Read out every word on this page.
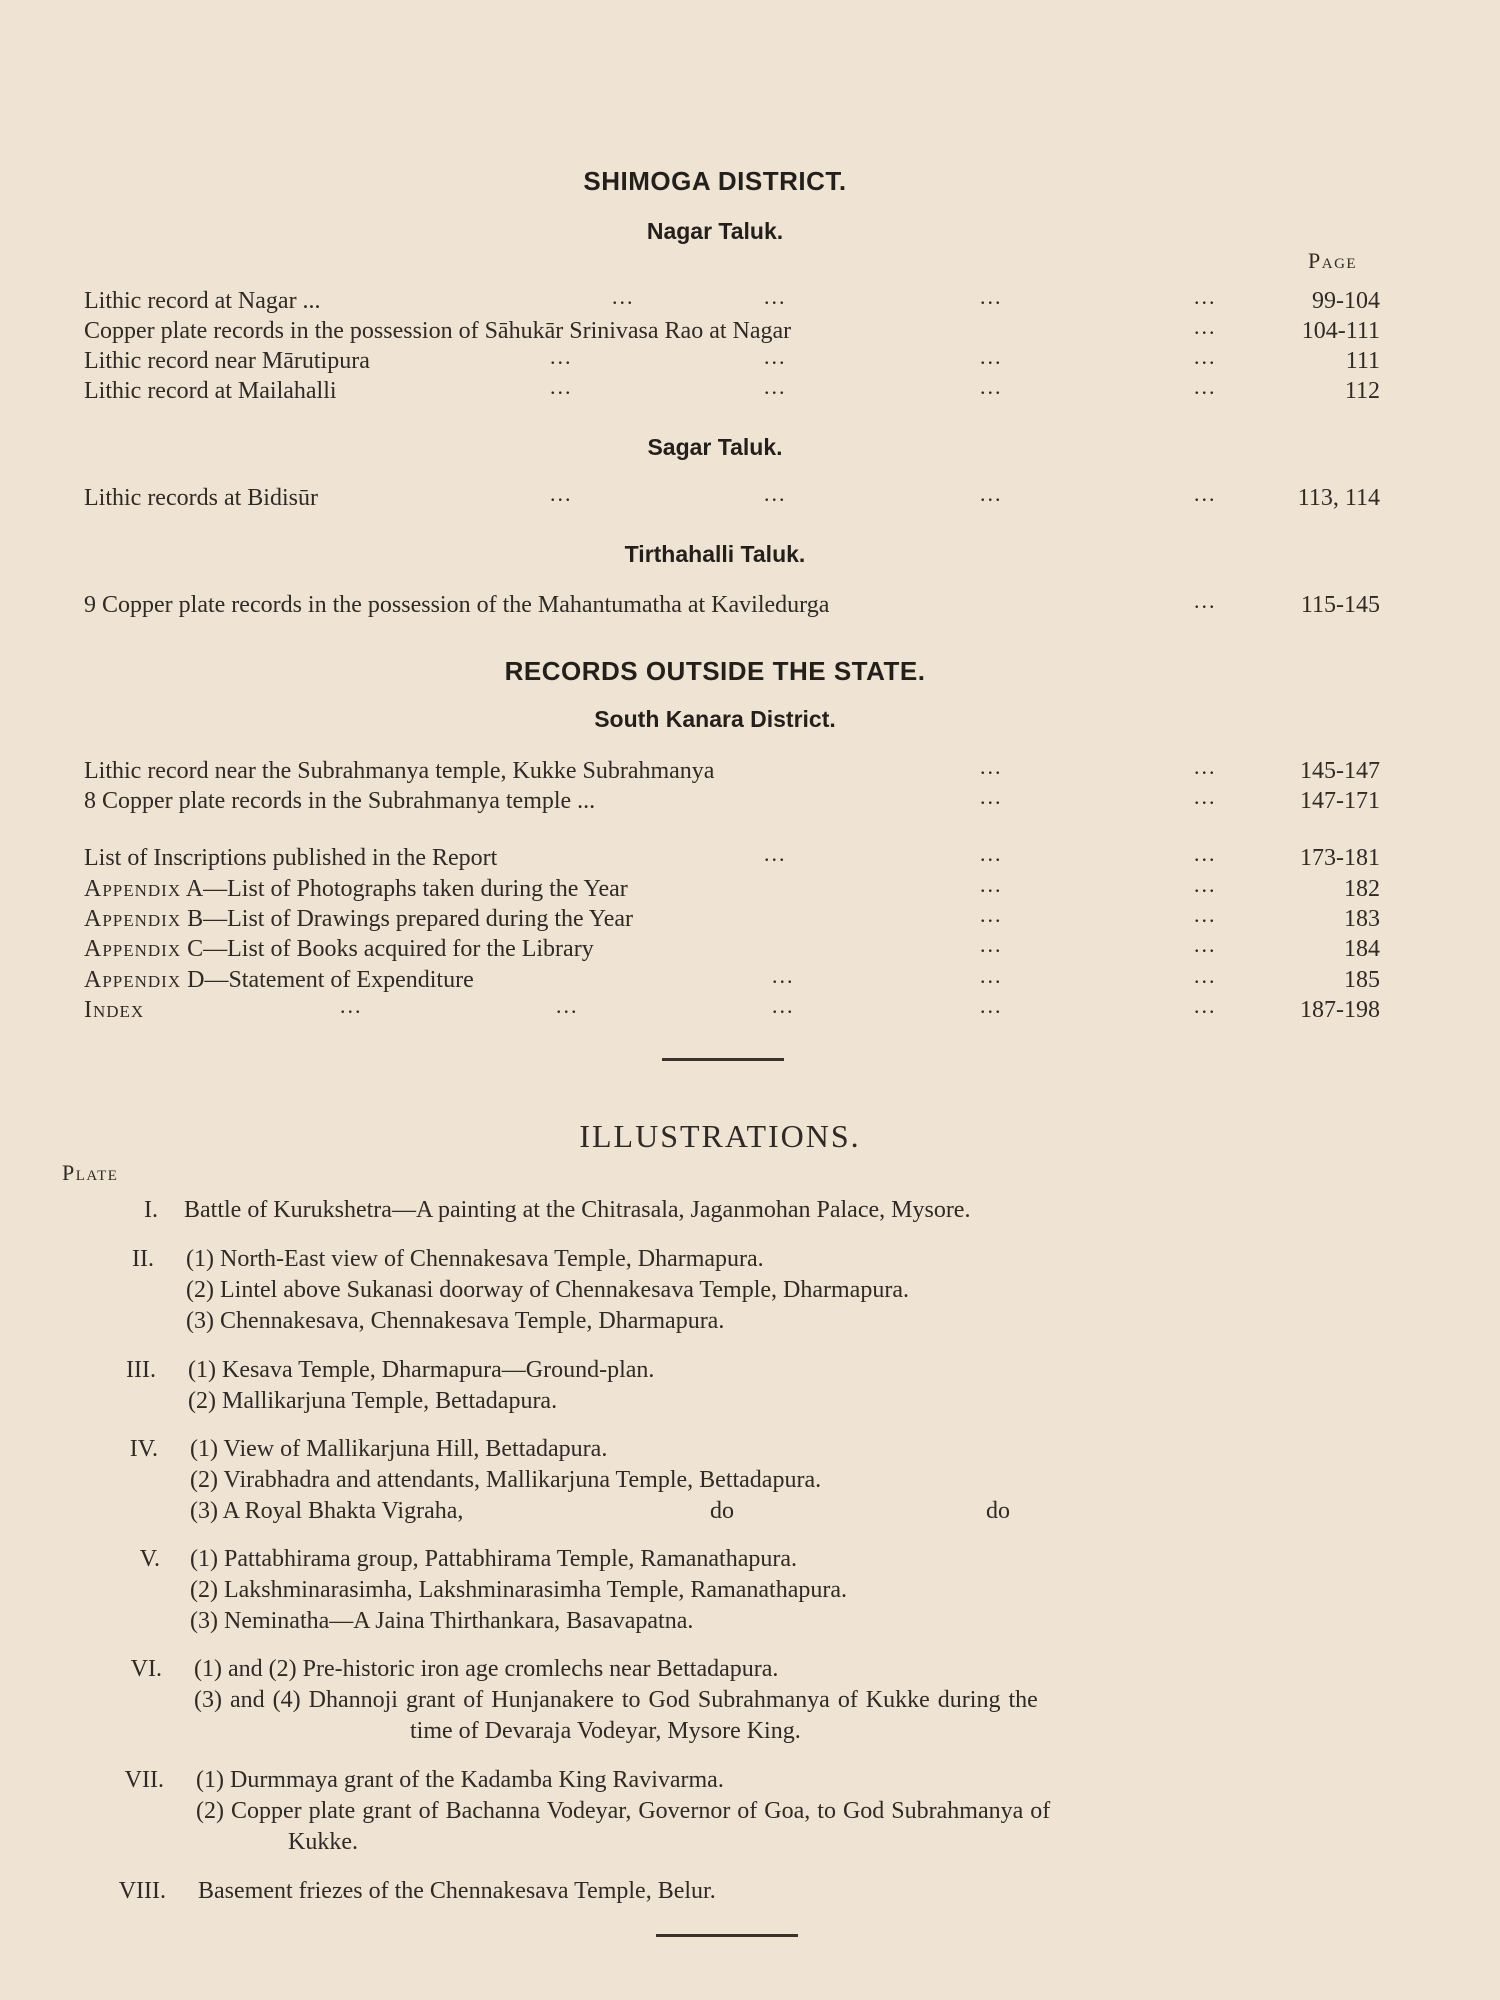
SHIMOGA DISTRICT.
Nagar Taluk.
Page
Lithic record at Nagar ...	...	...	...	...	99-104
Copper plate records in the possession of Sāhukār Srinivasa Rao at Nagar	...	104-111
Lithic record near Mārutipura	...	...	...	...	111
Lithic record at Mailahalli	...	...	...	...	112
Sagar Taluk.
Lithic records at Bidisūr	...	...	...	...	113, 114
Tirthahalli Taluk.
9 Copper plate records in the possession of the Mahantumatha at Kaviledurga	...	115-145
RECORDS OUTSIDE THE STATE.
South Kanara District.
Lithic record near the Subrahmanya temple, Kukke Subrahmanya	...	...	145-147
8 Copper plate records in the Subrahmanya temple ...	...	...	147-171
List of Inscriptions published in the Report	...	...	...	173-181
Appendix A—List of Photographs taken during the Year	...	...	182
Appendix B—List of Drawings prepared during the Year	...	...	183
Appendix C—List of Books acquired for the Library	...	...	184
Appendix D—Statement of Expenditure	...	...	...	185
Index	...	...	...	...	...	187-198
ILLUSTRATIONS.
Plate
I. Battle of Kurukshetra—A painting at the Chitrasala, Jaganmohan Palace, Mysore.
II. (1) North-East view of Chennakesava Temple, Dharmapura.
(2) Lintel above Sukanasi doorway of Chennakesava Temple, Dharmapura.
(3) Chennakesava, Chennakesava Temple, Dharmapura.
III. (1) Kesava Temple, Dharmapura—Ground-plan.
(2) Mallikarjuna Temple, Bettadapura.
IV. (1) View of Mallikarjuna Hill, Bettadapura.
(2) Virabhadra and attendants, Mallikarjuna Temple, Bettadapura.
(3) A Royal Bhakta Vigraha,	do	do
V. (1) Pattabhirama group, Pattabhirama Temple, Ramanathapura.
(2) Lakshminarasimha, Lakshminarasimha Temple, Ramanathapura.
(3) Neminatha—A Jaina Thirthankara, Basavapatna.
VI. (1) and (2) Pre-historic iron age cromlechs near Bettadapura.
(3) and (4) Dhannoji grant of Hunjanakere to God Subrahmanya of Kukke during the
time of Devaraja Vodeyar, Mysore King.
VII. (1) Durmmaya grant of the Kadamba King Ravivarma.
(2) Copper plate grant of Bachanna Vodeyar, Governor of Goa, to God Subrahmanya of
Kukke.
VIII. Basement friezes of the Chennakesava Temple, Belur.
